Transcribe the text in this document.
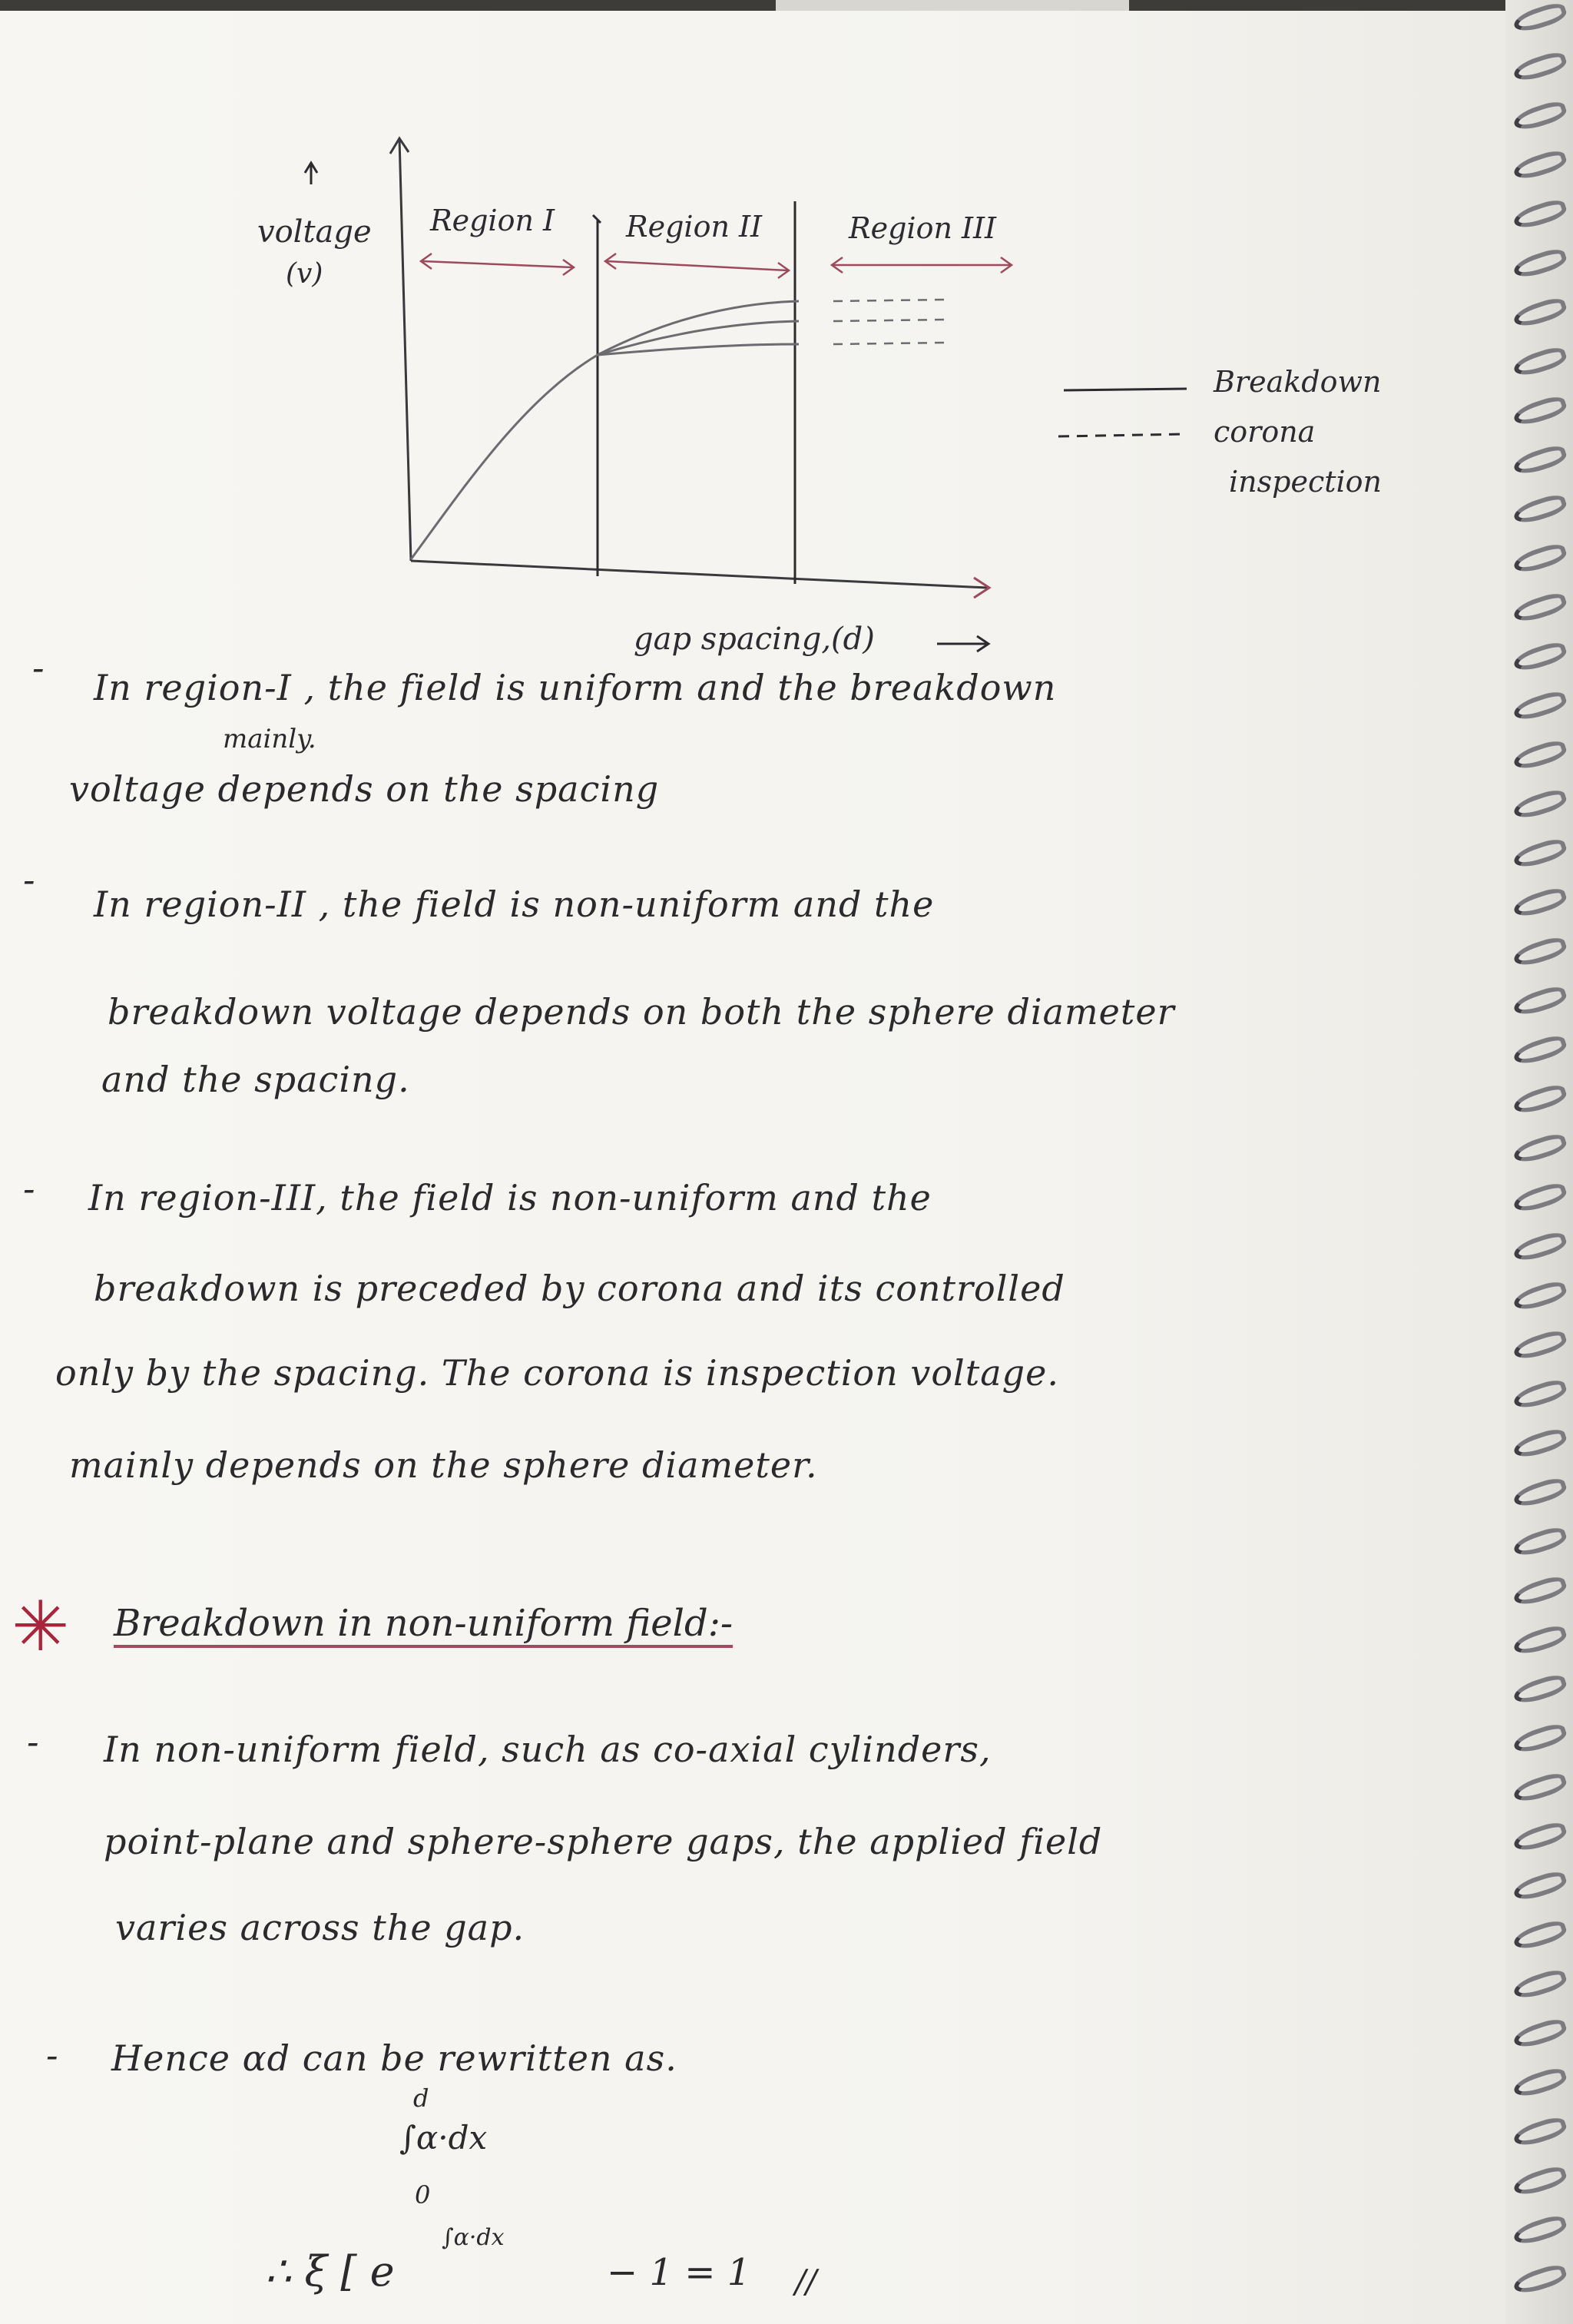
voltage
(v)
Region I Region II	Region III
gap spacing,(d)
Breakdown
corona
inspection
- In region-I , the field is uniform and the breakdown
mainly.
voltage depends on the spacing
-
In region-II , the field is non-uniform and the
breakdown voltage depends on both the sphere diameter
and the spacing.
- In region-III, the field is non-uniform and the
breakdown is preceded by corona and its controlled
only by the spacing. The corona is inspection voltage.
mainly depends on the sphere diameter.
✳ Breakdown in non-uniform field:-
- In non-uniform field, such as co-axial cylinders,
point-plane and sphere-sphere gaps, the applied field
varies across the gap.
- Hence αd can be rewritten as.
d
∫α·dx
0
∴ ξ [ e
∫α·dx
− 1 = 1 //
